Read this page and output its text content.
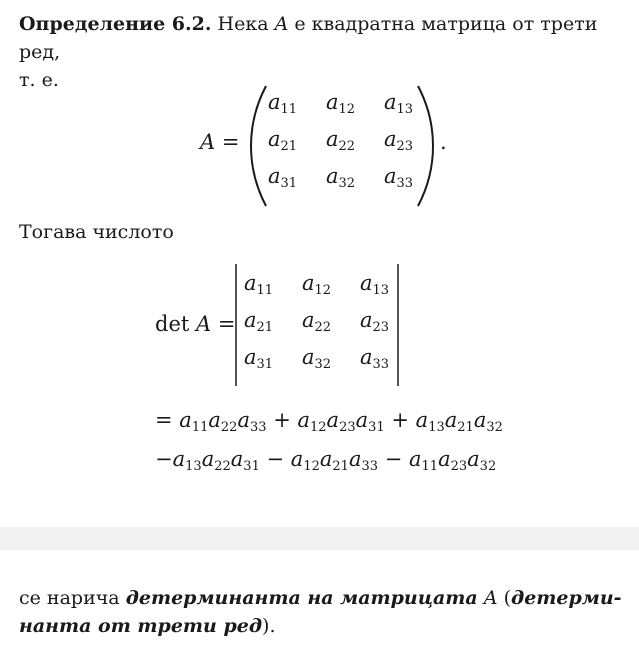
Определение 6.2. Нека A е квадратна матрица от трети ред,
т. е.
A =
$a_{11}$	$a_{12}$	$a_{13}$
$a_{21}$	$a_{22}$	$a_{23}$
$a_{31}$	$a_{32}$	$a_{33}$
.
Тогава числото
det A =
$a_{11}$	$a_{12}$	$a_{13}$
$a_{21}$	$a_{22}$	$a_{23}$
$a_{31}$	$a_{32}$	$a_{33}$
= $a_{11}a_{22}a_{33} + a_{12}a_{23}a_{31} + a_{13}a_{21}a_{32}$
$-a_{13}a_{22}a_{31} - a_{12}a_{21}a_{33} - a_{11}a_{23}a_{32}$
се нарича детерминанта на матрицата A (детерми-
нанта от трети ред).
